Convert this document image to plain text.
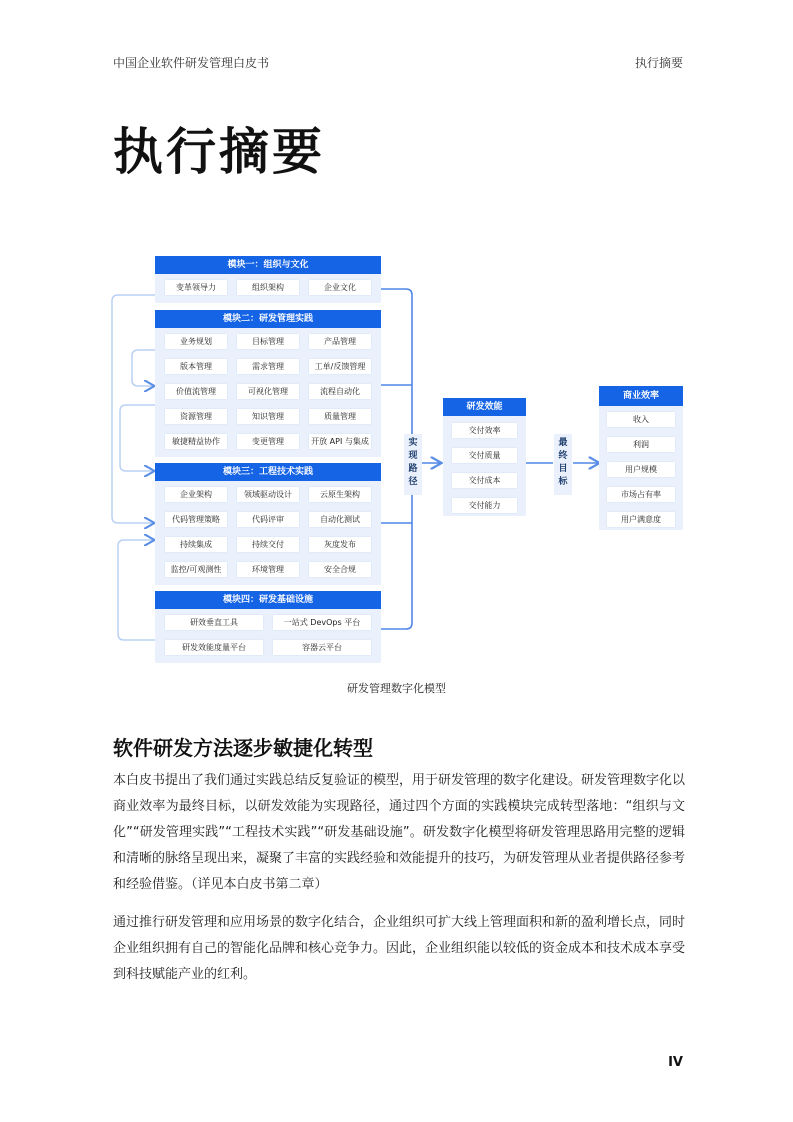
中国企业软件研发管理白皮书	执行摘要
执行摘要
模块一：组织与文化
变革领导力	组织架构	企业文化
模块二：研发管理实践
业务规划	目标管理	产品管理
版本管理	需求管理	工单/反馈管理
价值流管理	可视化管理	流程自动化
资源管理	知识管理	质量管理
敏捷精益协作	变更管理	开放 API 与集成
模块三：工程技术实践
企业架构	领域驱动设计	云原生架构
代码管理策略	代码评审	自动化测试
持续集成	持续交付	灰度发布
监控/可观测性	环境管理	安全合规
模块四：研发基础设施
研效垂直工具	一站式 DevOps 平台
研发效能度量平台	容器云平台
实
现
路
径
最
终
目
标
研发效能
交付效率
交付质量
交付成本
交付能力
商业效率
收入
利润
用户规模
市场占有率
用户满意度
研发管理数字化模型
软件研发方法逐步敏捷化转型
本白皮书提出了我们通过实践总结反复验证的模型，用于研发管理的数字化建设。研发管理数字化以商业效率为最终目标，以研发效能为实现路径，通过四个方面的实践模块完成转型落地：“组织与文化”“研发管理实践”“工程技术实践”“研发基础设施”。研发数字化模型将研发管理思路用完整的逻辑和清晰的脉络呈现出来，凝聚了丰富的实践经验和效能提升的技巧，为研发管理从业者提供路径参考和经验借鉴。（详见本白皮书第二章）
通过推行研发管理和应用场景的数字化结合，企业组织可扩大线上管理面积和新的盈利增长点，同时企业组织拥有自己的智能化品牌和核心竞争力。因此，企业组织能以较低的资金成本和技术成本享受到科技赋能产业的红利。
IV
